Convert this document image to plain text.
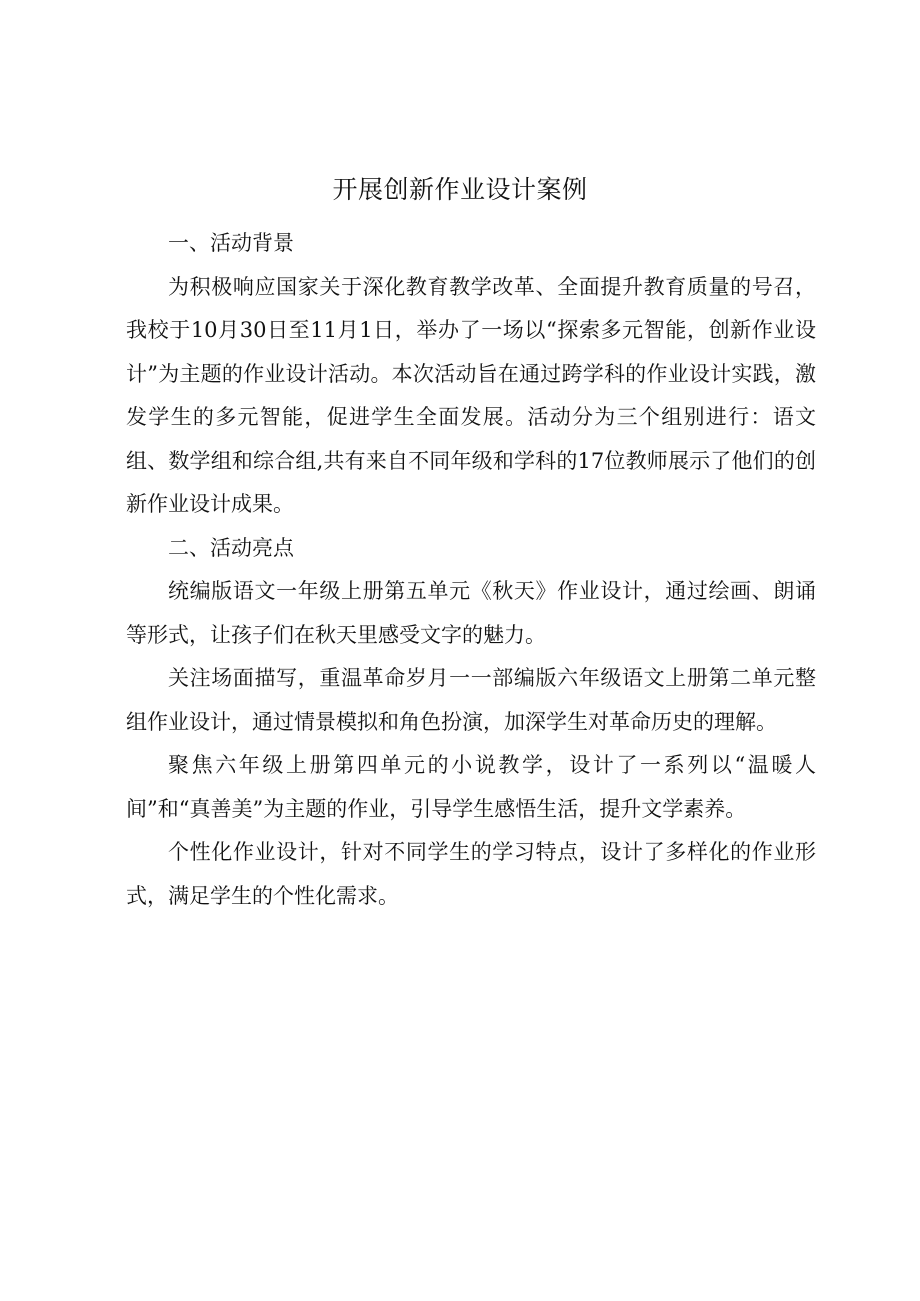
开展创新作业设计案例

一、活动背景

为积极响应国家关于深化教育教学改革、全面提升教育质量的号召，我校于10月30日至11月1日，举办了一场以“探索多元智能，创新作业设计”为主题的作业设计活动。本次活动旨在通过跨学科的作业设计实践，激发学生的多元智能，促进学生全面发展。活动分为三个组别进行：语文组、数学组和综合组,共有来自不同年级和学科的17位教师展示了他们的创新作业设计成果。

二、活动亮点

统编版语文一年级上册第五单元《秋天》作业设计，通过绘画、朗诵等形式，让孩子们在秋天里感受文字的魅力。

关注场面描写，重温革命岁月一一部编版六年级语文上册第二单元整组作业设计，通过情景模拟和角色扮演，加深学生对革命历史的理解。

聚焦六年级上册第四单元的小说教学，设计了一系列以“温暖人间”和“真善美”为主题的作业，引导学生感悟生活，提升文学素养。

个性化作业设计，针对不同学生的学习特点，设计了多样化的作业形式，满足学生的个性化需求。
